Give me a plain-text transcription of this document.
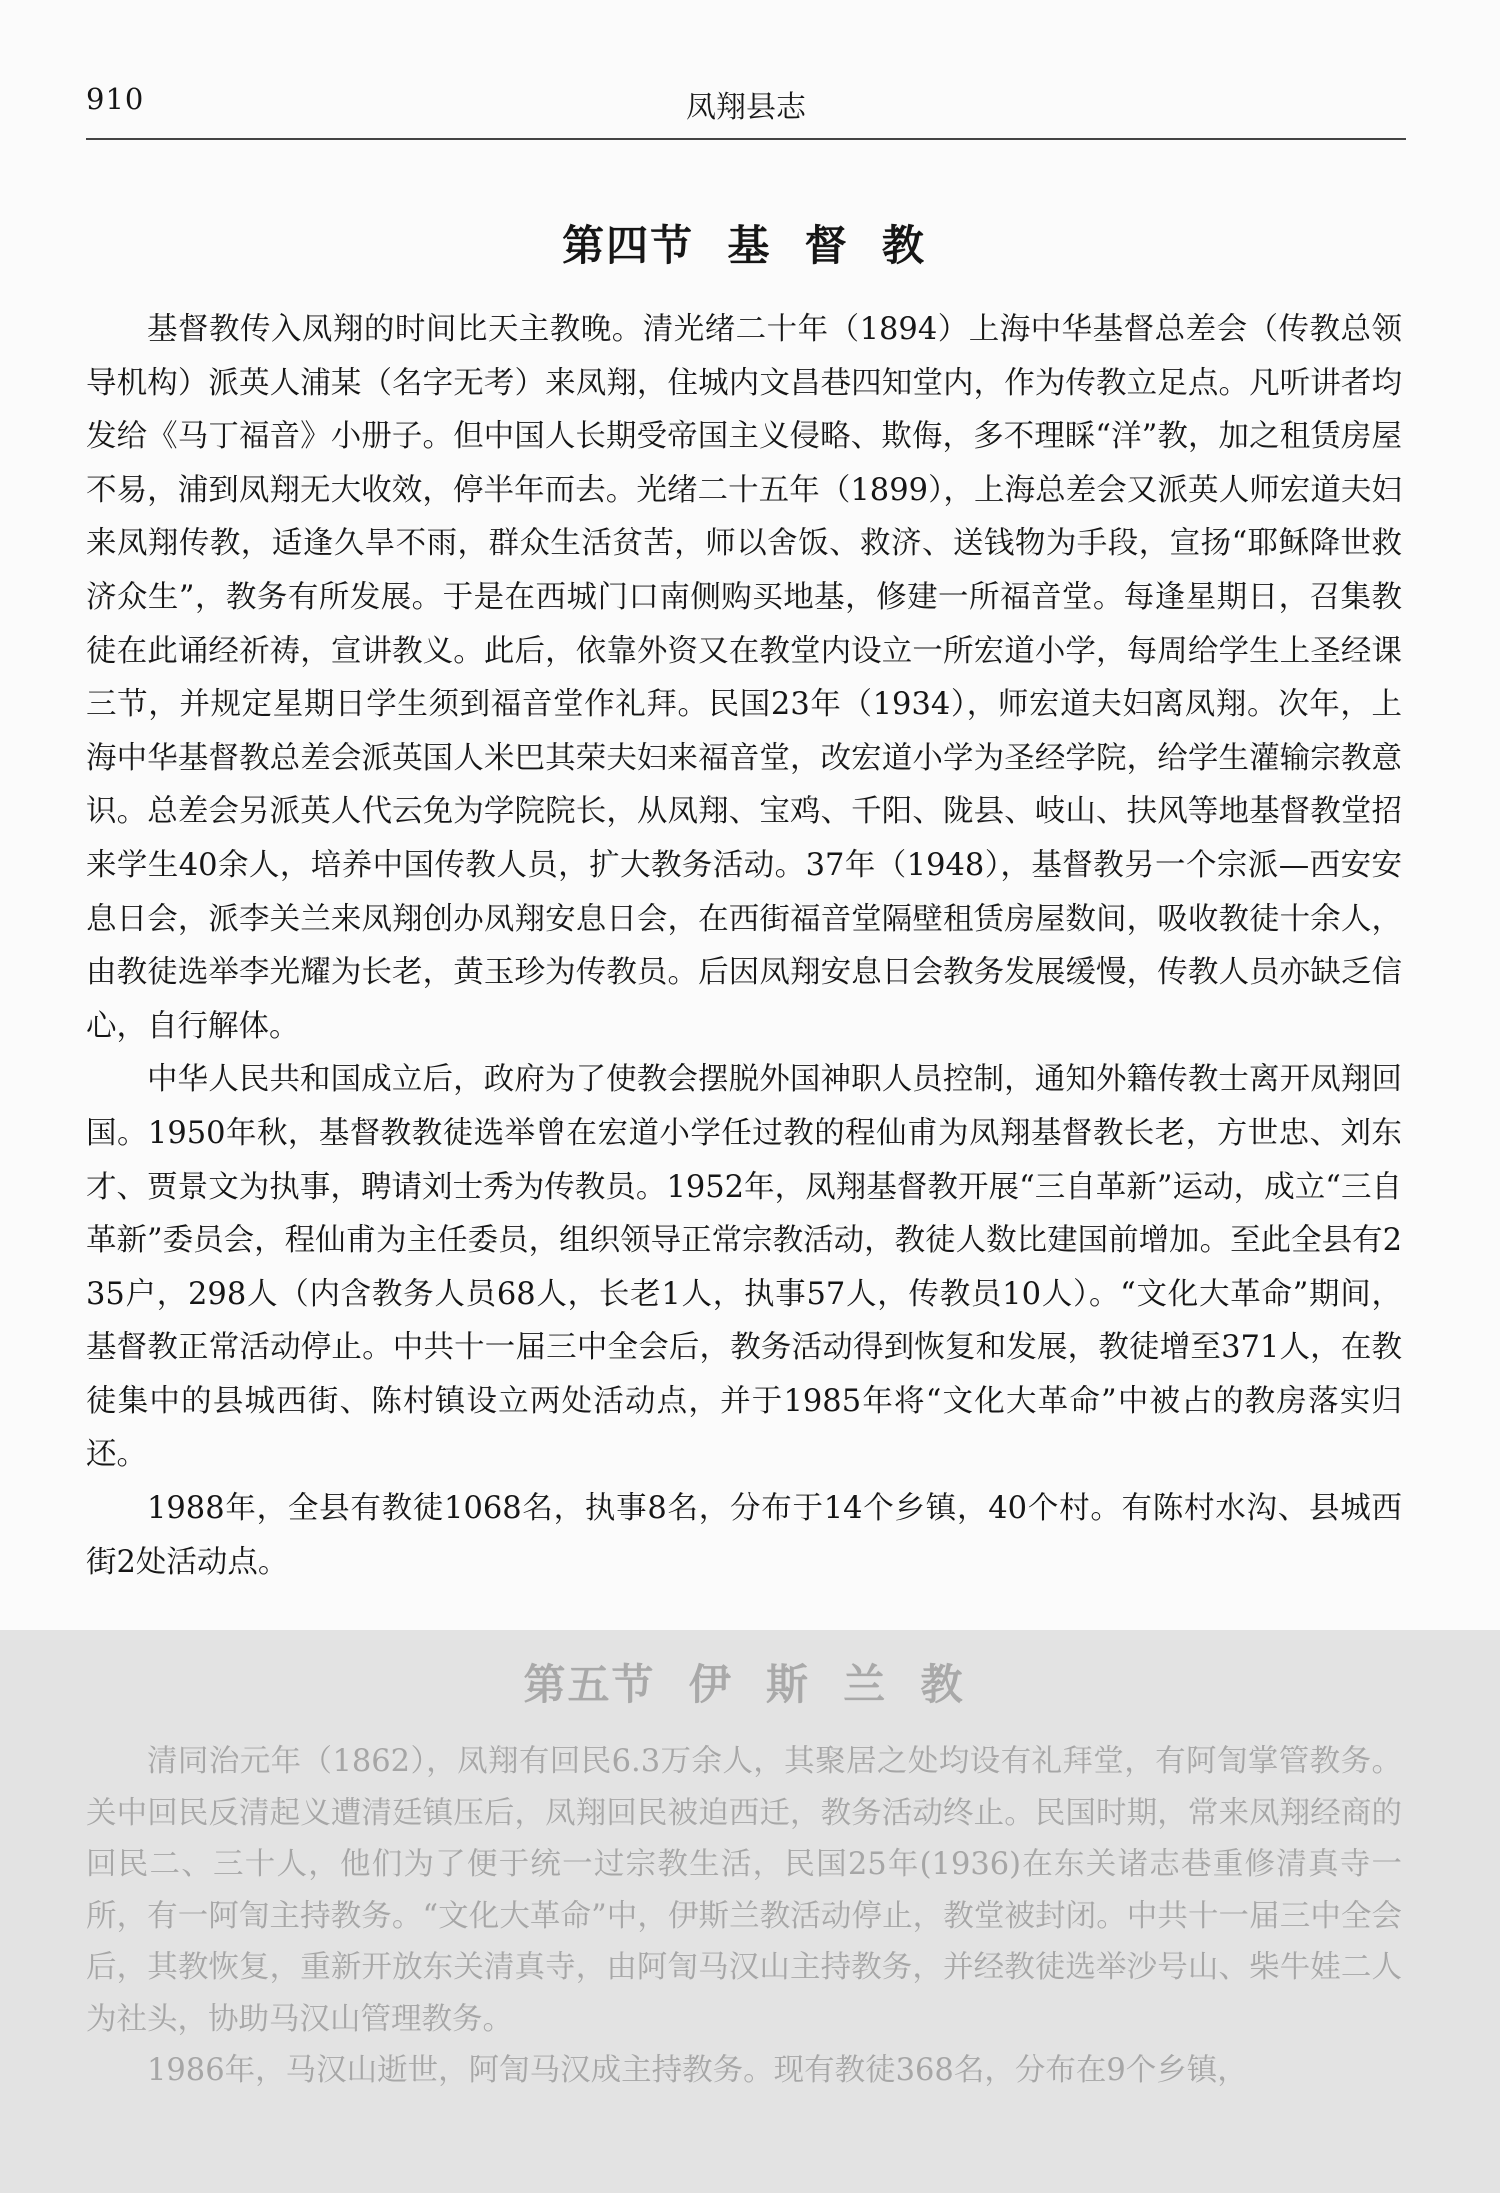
910	凤翔县志
第四节  基  督  教

基督教传入凤翔的时间比天主教晚。清光绪二十年（1894）上海中华基督总差会（传教总领导机构）派英人浦某（名字无考）来凤翔，住城内文昌巷四知堂内，作为传教立足点。凡听讲者均发给《马丁福音》小册子。但中国人长期受帝国主义侵略、欺侮，多不理睬“洋”教，加之租赁房屋不易，浦到凤翔无大收效，停半年而去。光绪二十五年（1899），上海总差会又派英人师宏道夫妇来凤翔传教，适逢久旱不雨，群众生活贫苦，师以舍饭、救济、送钱物为手段，宣扬“耶稣降世救济众生”，教务有所发展。于是在西城门口南侧购买地基，修建一所福音堂。每逢星期日，召集教徒在此诵经祈祷，宣讲教义。此后，依靠外资又在教堂内设立一所宏道小学，每周给学生上圣经课三节，并规定星期日学生须到福音堂作礼拜。民国23年（1934），师宏道夫妇离凤翔。次年，上海中华基督教总差会派英国人米巴其荣夫妇来福音堂，改宏道小学为圣经学院，给学生灌输宗教意识。总差会另派英人代云免为学院院长，从凤翔、宝鸡、千阳、陇县、岐山、扶风等地基督教堂招来学生40余人，培养中国传教人员，扩大教务活动。37年（1948），基督教另一个宗派—西安安息日会，派李关兰来凤翔创办凤翔安息日会，在西街福音堂隔壁租赁房屋数间，吸收教徒十余人，由教徒选举李光耀为长老，黄玉珍为传教员。后因凤翔安息日会教务发展缓慢，传教人员亦缺乏信心，自行解体。

中华人民共和国成立后，政府为了使教会摆脱外国神职人员控制，通知外籍传教士离开凤翔回国。1950年秋，基督教教徒选举曾在宏道小学任过教的程仙甫为凤翔基督教长老，方世忠、刘东才、贾景文为执事，聘请刘士秀为传教员。1952年，凤翔基督教开展“三自革新”运动，成立“三自革新”委员会，程仙甫为主任委员，组织领导正常宗教活动，教徒人数比建国前增加。至此全县有235户，298人（内含教务人员68人，长老1人，执事57人，传教员10人）。“文化大革命”期间，基督教正常活动停止。中共十一届三中全会后，教务活动得到恢复和发展，教徒增至371人，在教徒集中的县城西街、陈村镇设立两处活动点，并于1985年将“文化大革命”中被占的教房落实归还。

1988年，全县有教徒1068名，执事8名，分布于14个乡镇，40个村。有陈村水沟、县城西街2处活动点。

第五节  伊  斯  兰  教

清同治元年（1862），凤翔有回民6.3万余人，其聚居之处均设有礼拜堂，有阿訇掌管教务。关中回民反清起义遭清廷镇压后，凤翔回民被迫西迁，教务活动终止。民国时期，常来凤翔经商的回民二、三十人，他们为了便于统一过宗教生活，民国25年(1936)在东关诸志巷重修清真寺一所，有一阿訇主持教务。“文化大革命”中，伊斯兰教活动停止，教堂被封闭。中共十一届三中全会后，其教恢复，重新开放东关清真寺，由阿訇马汉山主持教务，并经教徒选举沙号山、柴牛娃二人为社头，协助马汉山管理教务。

1986年，马汉山逝世，阿訇马汉成主持教务。现有教徒368名，分布在9个乡镇，
